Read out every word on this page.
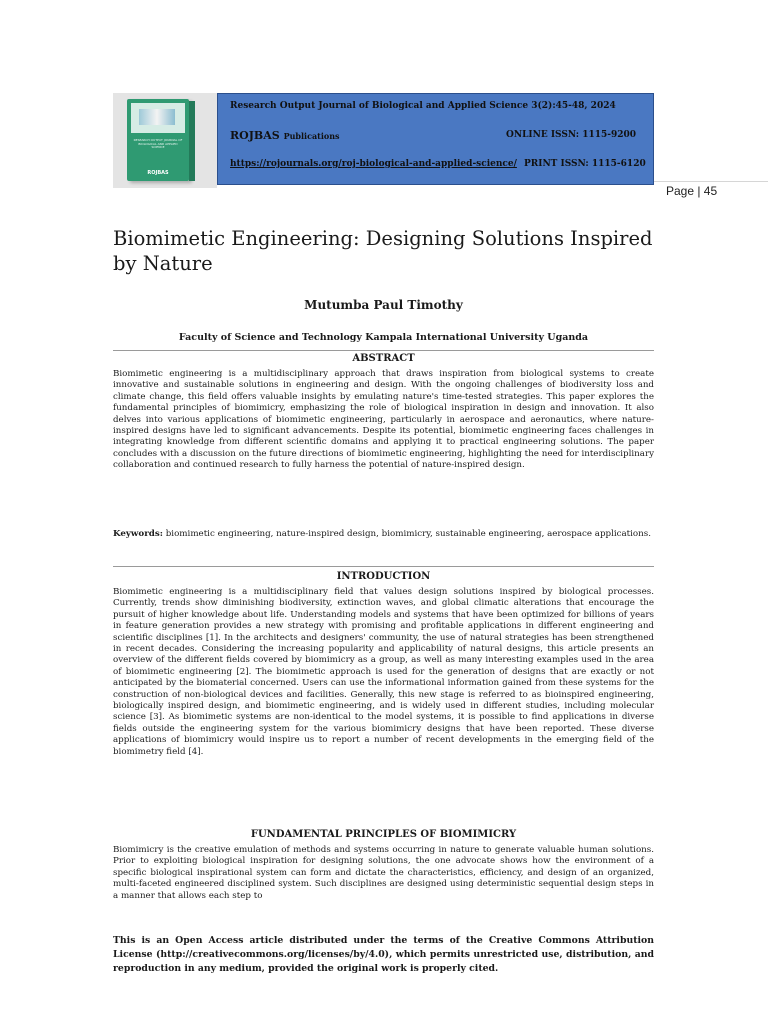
RESEARCH OUTPUT JOURNAL OF BIOLOGICAL AND APPLIED SCIENCE
ROJBAS
Research Output Journal of Biological and Applied Science 3(2):45-48, 2024
ROJBAS Publications	ONLINE ISSN: 1115-9200
https://rojournals.org/roj-biological-and-applied-science/ PRINT ISSN: 1115-6120
Page | 45
Biomimetic Engineering: Designing Solutions Inspired by Nature
Mutumba Paul Timothy
Faculty of Science and Technology Kampala International University Uganda
ABSTRACT

Biomimetic engineering is a multidisciplinary approach that draws inspiration from biological systems to create innovative and sustainable solutions in engineering and design. With the ongoing challenges of biodiversity loss and climate change, this field offers valuable insights by emulating nature's time-tested strategies. This paper explores the fundamental principles of biomimicry, emphasizing the role of biological inspiration in design and innovation. It also delves into various applications of biomimetic engineering, particularly in aerospace and aeronautics, where nature-inspired designs have led to significant advancements. Despite its potential, biomimetic engineering faces challenges in integrating knowledge from different scientific domains and applying it to practical engineering solutions. The paper concludes with a discussion on the future directions of biomimetic engineering, highlighting the need for interdisciplinary collaboration and continued research to fully harness the potential of nature-inspired design.

Keywords: biomimetic engineering, nature-inspired design, biomimicry, sustainable engineering, aerospace applications.

INTRODUCTION

Biomimetic engineering is a multidisciplinary field that values design solutions inspired by biological processes. Currently, trends show diminishing biodiversity, extinction waves, and global climatic alterations that encourage the pursuit of higher knowledge about life. Understanding models and systems that have been optimized for billions of years in feature generation provides a new strategy with promising and profitable applications in different engineering and scientific disciplines [1]. In the architects and designers' community, the use of natural strategies has been strengthened in recent decades. Considering the increasing popularity and applicability of natural designs, this article presents an overview of the different fields covered by biomimicry as a group, as well as many interesting examples used in the area of biomimetic engineering [2]. The biomimetic approach is used for the generation of designs that are exactly or not anticipated by the biomaterial concerned. Users can use the informational information gained from these systems for the construction of non-biological devices and facilities. Generally, this new stage is referred to as bioinspired engineering, biologically inspired design, and biomimetic engineering, and is widely used in different studies, including molecular science [3]. As biomimetic systems are non-identical to the model systems, it is possible to find applications in diverse fields outside the engineering system for the various biomimicry designs that have been reported. These diverse applications of biomimicry would inspire us to report a number of recent developments in the emerging field of the biomimetry field [4].

FUNDAMENTAL PRINCIPLES OF BIOMIMICRY

Biomimicry is the creative emulation of methods and systems occurring in nature to generate valuable human solutions. Prior to exploiting biological inspiration for designing solutions, the one advocate shows how the environment of a specific biological inspirational system can form and dictate the characteristics, efficiency, and design of an organized, multi-faceted engineered disciplined system. Such disciplines are designed using deterministic sequential design steps in a manner that allows each step to

This is an Open Access article distributed under the terms of the Creative Commons Attribution License (http://creativecommons.org/licenses/by/4.0), which permits unrestricted use, distribution, and reproduction in any medium, provided the original work is properly cited.
